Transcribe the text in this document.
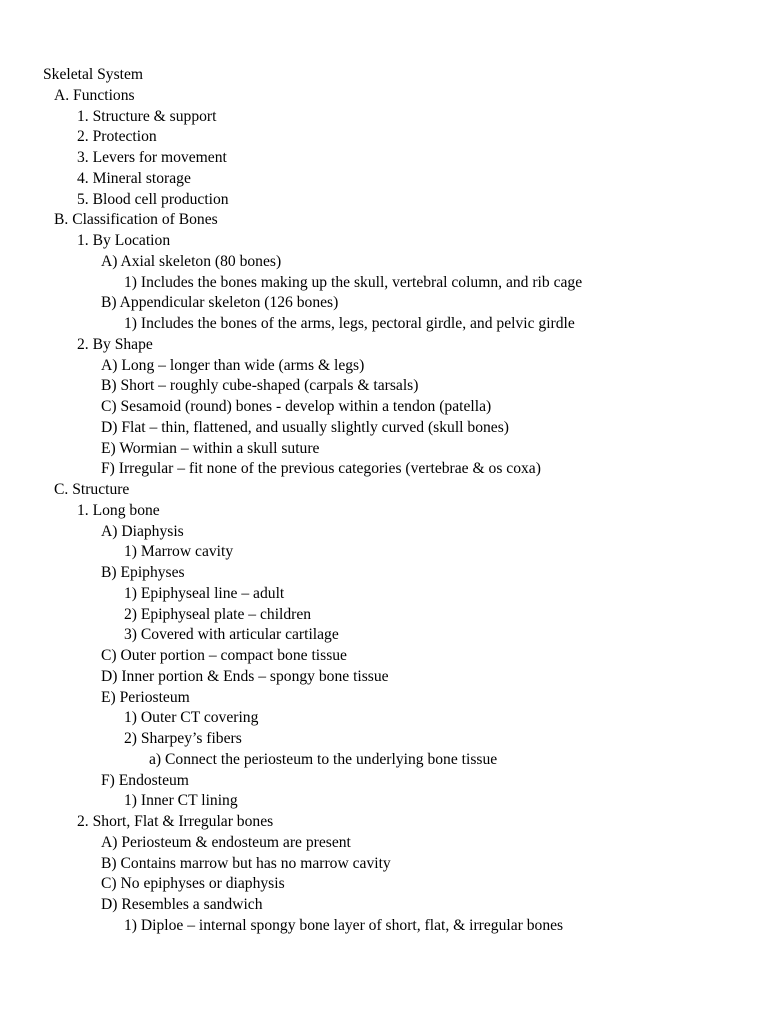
Skeletal System
A. Functions
1. Structure & support
2. Protection
3. Levers for movement
4. Mineral storage
5. Blood cell production
B. Classification of Bones
1. By Location
A) Axial skeleton (80 bones)
1) Includes the bones making up the skull, vertebral column, and rib cage
B) Appendicular skeleton (126 bones)
1) Includes the bones of the arms, legs, pectoral girdle, and pelvic girdle
2. By Shape
A) Long – longer than wide (arms & legs)
B) Short – roughly cube-shaped (carpals & tarsals)
C) Sesamoid (round) bones - develop within a tendon (patella)
D) Flat – thin, flattened, and usually slightly curved (skull bones)
E) Wormian – within a skull suture
F) Irregular – fit none of the previous categories (vertebrae & os coxa)
C. Structure
1. Long bone
A) Diaphysis
1) Marrow cavity
B) Epiphyses
1) Epiphyseal line – adult
2) Epiphyseal plate – children
3) Covered with articular cartilage
C) Outer portion – compact bone tissue
D) Inner portion & Ends – spongy bone tissue
E) Periosteum
1) Outer CT covering
2) Sharpey’s fibers
a) Connect the periosteum to the underlying bone tissue
F) Endosteum
1) Inner CT lining
2. Short, Flat & Irregular bones
A) Periosteum & endosteum are present
B) Contains marrow but has no marrow cavity
C) No epiphyses or diaphysis
D) Resembles a sandwich
1) Diploe – internal spongy bone layer of short, flat, & irregular bones
